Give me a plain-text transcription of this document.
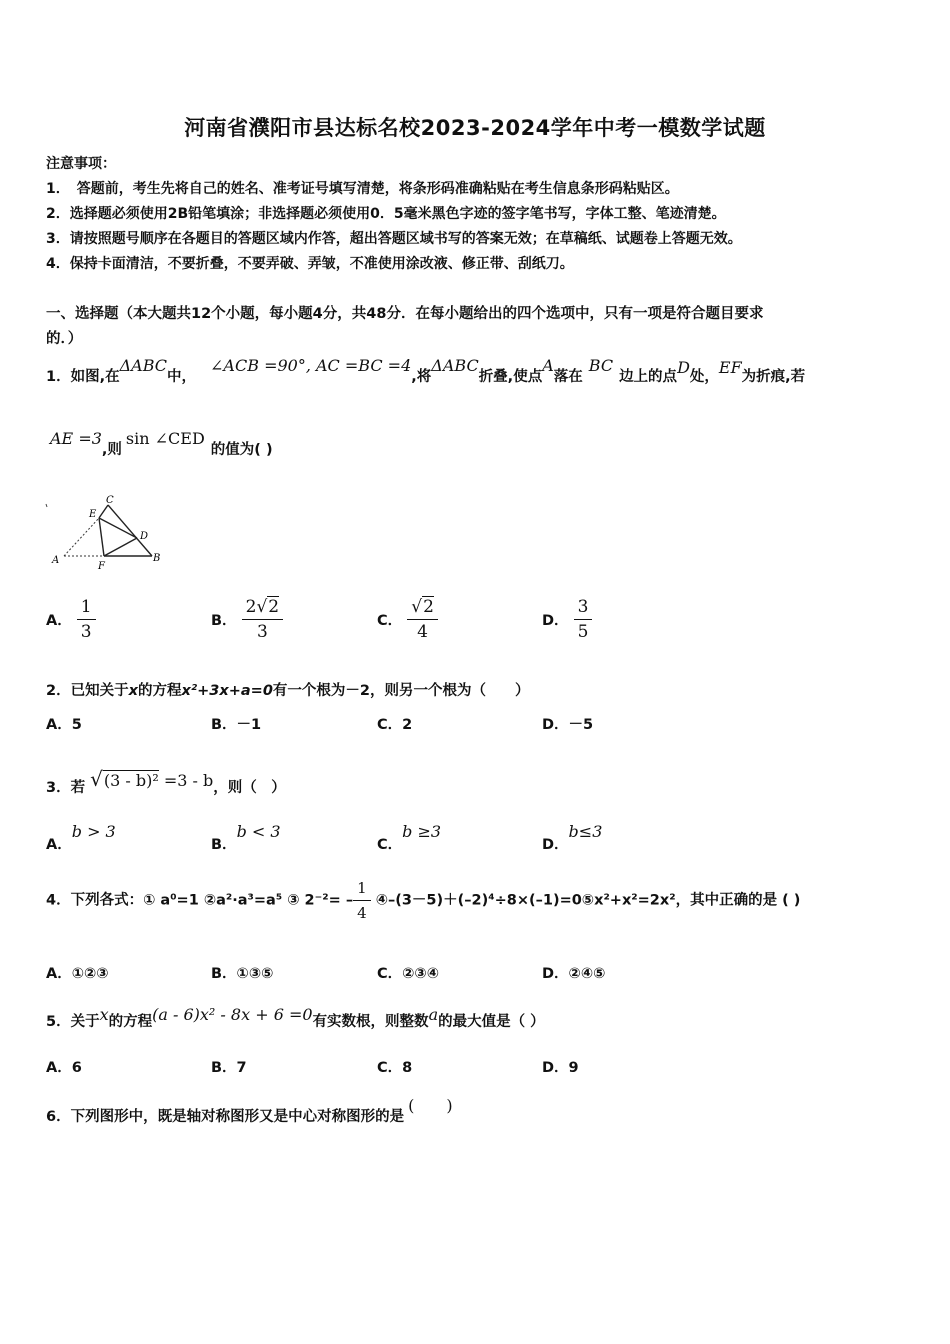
河南省濮阳市县达标名校2023-2024学年中考一模数学试题
注意事项：
1．　答题前，考生先将自己的姓名、准考证号填写清楚，将条形码准确粘贴在考生信息条形码粘贴区。
2．选择题必须使用2B铅笔填涂；非选择题必须使用0．5毫米黑色字迹的签字笔书写，字体工整、笔迹清楚。
3．请按照题号顺序在各题目的答题区域内作答，超出答题区域书写的答案无效；在草稿纸、试题卷上答题无效。
4．保持卡面清洁，不要折叠，不要弄破、弄皱，不准使用涂改液、修正带、刮纸刀。
一、选择题（本大题共12个小题，每小题4分，共48分．在每小题给出的四个选项中，只有一项是符合题目要求
的．）
1．如图,在ΔABC中，∠ACB =90°, AC =BC =4,将ΔABC折叠,使点A落在BC边上的点D处，EF为折痕,若
AE =3,则sin ∠CED的值为( )
C
E
D
A
F
B
A． $\frac{1}{3}$	B． $\frac{2√2}{3}$	C． $\frac{√2}{4}$	D． $\frac{3}{5}$
2．已知关于x的方程x²+3x+a=0有一个根为－2，则另一个根为（　　）
A．5	B．－1	C．2	D．－5
3．若 √(3 - b)² =3 - b，则（　）
A．b > 3
B．b < 3
C．b ≥3
D．b≤3
4．下列各式：① a⁰=1 ②a²·a³=a⁵ ③ $2^{-2}= - \frac{1}{4}$ ④–(3－5)＋(–2)⁴÷8×(–1)=0⑤x²+x²=2x²，其中正确的是 ( )
A．①②③	B．①③⑤	C．②③④	D．②④⑤
5．关于x的方程(a - 6)x² - 8x + 6 =0有实数根，则整数a的最大值是（ ）
A．6	B．7	C．8	D．9
6．下列图形中，既是轴对称图形又是中心对称图形的是(　　)
